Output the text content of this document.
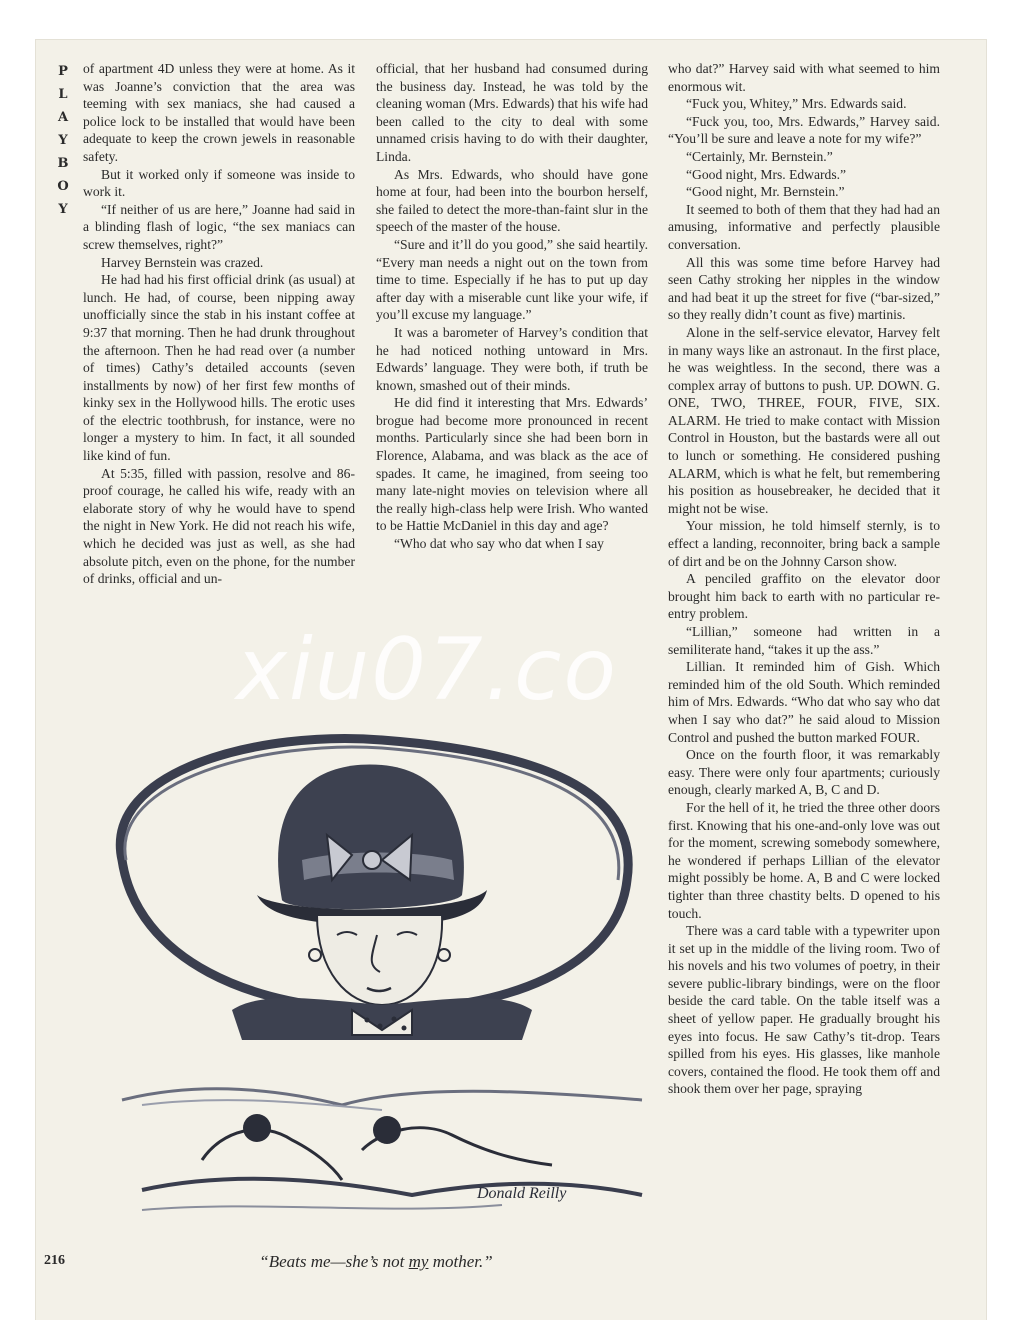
P
L
A
Y
B
O
Y

of apartment 4D unless they were at home. As it was Joanne’s conviction that the area was teeming with sex maniacs, she had caused a police lock to be installed that would have been adequate to keep the crown jewels in reasonable safety.

But it worked only if someone was inside to work it.

“If neither of us are here,” Joanne had said in a blinding flash of logic, “the sex maniacs can screw themselves, right?”

Harvey Bernstein was crazed.

He had had his first official drink (as usual) at lunch. He had, of course, been nipping away unofficially since the stab in his instant coffee at 9:37 that morning. Then he had drunk throughout the afternoon. Then he had read over (a number of times) Cathy’s detailed accounts (seven installments by now) of her first few months of kinky sex in the Hollywood hills. The erotic uses of the electric toothbrush, for instance, were no longer a mystery to him. In fact, it all sounded like kind of fun.

At 5:35, filled with passion, resolve and 86-proof courage, he called his wife, ready with an elaborate story of why he would have to spend the night in New York. He did not reach his wife, which he decided was just as well, as she had absolute pitch, even on the phone, for the number of drinks, official and un-

official, that her husband had consumed during the business day. Instead, he was told by the cleaning woman (Mrs. Edwards) that his wife had been called to the city to deal with some unnamed crisis having to do with their daughter, Linda.

As Mrs. Edwards, who should have gone home at four, had been into the bourbon herself, she failed to detect the more-than-faint slur in the speech of the master of the house.

“Sure and it’ll do you good,” she said heartily. “Every man needs a night out on the town from time to time. Especially if he has to put up day after day with a miserable cunt like your wife, if you’ll excuse my language.”

It was a barometer of Harvey’s condition that he had noticed nothing untoward in Mrs. Edwards’ language. They were both, if truth be known, smashed out of their minds.

He did find it interesting that Mrs. Edwards’ brogue had become more pronounced in recent months. Particularly since she had been born in Florence, Alabama, and was black as the ace of spades. It came, he imagined, from seeing too many late-night movies on television where all the really high-class help were Irish. Who wanted to be Hattie McDaniel in this day and age?

“Who dat who say who dat when I say

who dat?” Harvey said with what seemed to him enormous wit.

“Fuck you, Whitey,” Mrs. Edwards said.

“Fuck you, too, Mrs. Edwards,” Harvey said. “You’ll be sure and leave a note for my wife?”

“Certainly, Mr. Bernstein.”

“Good night, Mrs. Edwards.”

“Good night, Mr. Bernstein.”

It seemed to both of them that they had had an amusing, informative and perfectly plausible conversation.

All this was some time before Harvey had seen Cathy stroking her nipples in the window and had beat it up the street for five (“bar-sized,” so they really didn’t count as five) martinis.

Alone in the self-service elevator, Harvey felt in many ways like an astronaut. In the first place, he was weightless. In the second, there was a complex array of buttons to push. UP. DOWN. G. ONE, TWO, THREE, FOUR, FIVE, SIX. ALARM. He tried to make contact with Mission Control in Houston, but the bastards were all out to lunch or something. He considered pushing ALARM, which is what he felt, but remembering his position as housebreaker, he decided that it might not be wise.

Your mission, he told himself sternly, is to effect a landing, reconnoiter, bring back a sample of dirt and be on the Johnny Carson show.

A penciled graffito on the elevator door brought him back to earth with no particular re-entry problem.

“Lillian,” someone had written in a semiliterate hand, “takes it up the ass.”

Lillian. It reminded him of Gish. Which reminded him of the old South. Which reminded him of Mrs. Edwards. “Who dat who say who dat when I say who dat?” he said aloud to Mission Control and pushed the button marked FOUR.

Once on the fourth floor, it was remarkably easy. There were only four apartments; curiously enough, clearly marked A, B, C and D.

For the hell of it, he tried the three other doors first. Knowing that his one-and-only love was out for the moment, screwing somebody somewhere, he wondered if perhaps Lillian of the elevator might possibly be home. A, B and C were locked tighter than three chastity belts. D opened to his touch.

There was a card table with a typewriter upon it set up in the middle of the living room. Two of his novels and his two volumes of poetry, in their severe public-library bindings, were on the floor beside the card table. On the table itself was a sheet of yellow paper. He gradually brought his eyes into focus. He saw Cathy’s tit-drop. Tears spilled from his eyes. His glasses, like manhole covers, contained the flood. He took them off and shook them over her page, spraying

Donald Reilly
“Beats me—she’s not my mother.”
216
xiu07.co
